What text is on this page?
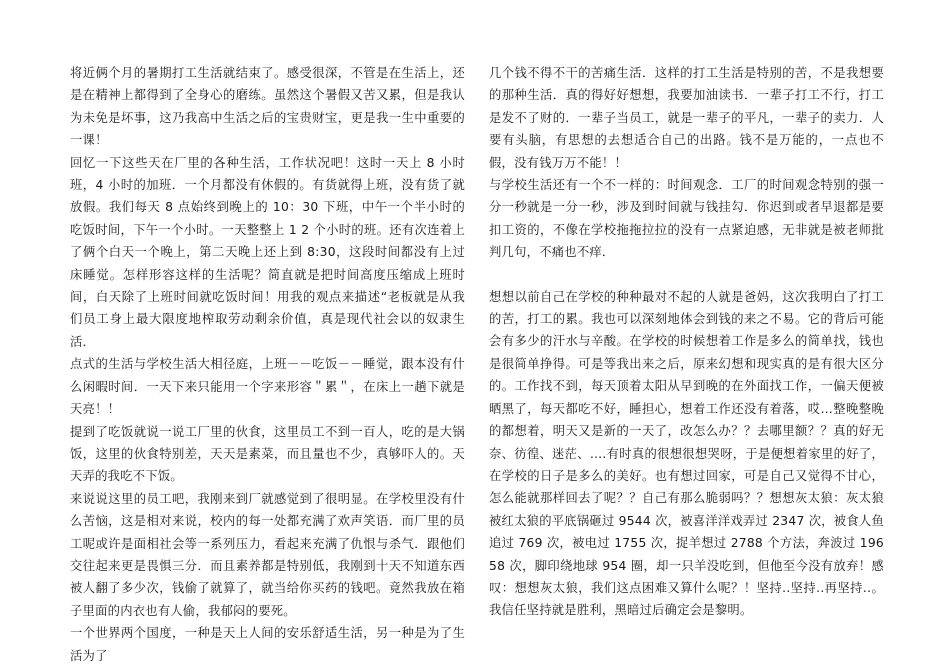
将近俩个月的暑期打工生活就结束了。感受很深，不管是在生活上，还是在精神上都得到了全身心的磨练。虽然这个暑假又苦又累，但是我认为未免是坏事，这乃我高中生活之后的宝贵财宝，更是我一生中重要的一课！

回忆一下这些天在厂里的各种生活，工作状况吧！这时一天上 8 小时班，4 小时的加班．一个月都没有休假的。有货就得上班，没有货了就放假。我们每天 8 点始终到晚上的 10：30 下班，中午一个半小时的吃饭时间，下午一个小时。一天整整上 1 2 个小时的班。还有次连着上了俩个白天一个晚上，第二天晚上还上到 8:30，这段时间都没有上过床睡觉。怎样形容这样的生活呢？简直就是把时间高度压缩成上班时间，白天除了上班时间就吃饭时间！用我的观点来描述“老板就是从我们员工身上最大限度地榨取劳动剩余价值，真是现代社会以的奴隶生活．

点式的生活与学校生活大相径庭，上班－－吃饭－－睡觉，跟本没有什么闲暇时间．一天下来只能用一个字来形容＂累＂，在床上一趟下就是天亮！！

提到了吃饭就说一说工厂里的伙食，这里员工不到一百人，吃的是大锅饭，这里的伙食特别差，天天是素菜，而且量也不少，真够吓人的。天天弄的我吃不下饭。

来说说这里的员工吧，我刚来到厂就感觉到了很明显。在学校里没有什么苦恼，这是相对来说，校内的每一处都充满了欢声笑语．而厂里的员工呢或许是面相社会等一系列压力，看起来充满了仇恨与杀气．跟他们交往起来更是畏惧三分．而且素养都是特别低，我刚到十天不知道东西被人翻了多少次，钱偷了就算了，就当给你买药的钱吧。竟然我放在箱子里面的内衣也有人偷，我郁闷的要死。

一个世界两个国度，一种是天上人间的安乐舒适生活，另一种是为了生活为了

几个钱不得不干的苦痛生活．这样的打工生活是特别的苦，不是我想要的那种生活．真的得好好想想，我要加油读书．一辈子打工不行，打工是发不了财的．一辈子当员工，就是一辈子的平凡，一辈子的卖力．人要有头脑，有思想的去想适合自己的出路。钱不是万能的，一点也不假，没有钱万万不能！！

与学校生活还有一个不一样的：时间观念．工厂的时间观念特别的强一分一秒就是一分一秒，涉及到时间就与钱挂勾．你迟到或者早退都是要扣工资的，不像在学校拖拖拉拉的没有一点紧迫感，无非就是被老师批判几句，不痛也不痒．

想想以前自己在学校的种种最对不起的人就是爸妈，这次我明白了打工的苦，打工的累。我也可以深刻地体会到钱的来之不易。它的背后可能会有多少的汗水与辛酸。在学校的时候想着工作是多么的简单找，钱也是很简单挣得。可是等我出来之后，原来幻想和现实真的是有很大区分的。工作找不到，每天顶着太阳从早到晚的在外面找工作，一偏天便被晒黑了，每天都吃不好，睡担心，想着工作还没有着落，哎…整晚整晚的都想着，明天又是新的一天了，改怎么办？？去哪里额？？真的好无奈、彷徨、迷茫、….有时真的很想很想哭呀，于是便想着家里的好了，在学校的日子是多么的美好。也有想过回家，可是自己又觉得不甘心，怎么能就那样回去了呢？？自己有那么脆弱吗？？想想灰太狼：灰太狼被红太狼的平底锅砸过 9544 次，被喜洋洋戏弄过 2347 次，被食人鱼追过 769 次，被电过 1755 次，捉羊想过 2788 个方法，奔波过 19658 次，脚印绕地球 954 圈，却一只羊没吃到，但他至今没有放弃！感叹：想想灰太狼，我们这点困难又算什么呢？！坚持..坚持..再坚持..。我信任坚持就是胜利，黑暗过后确定会是黎明。
